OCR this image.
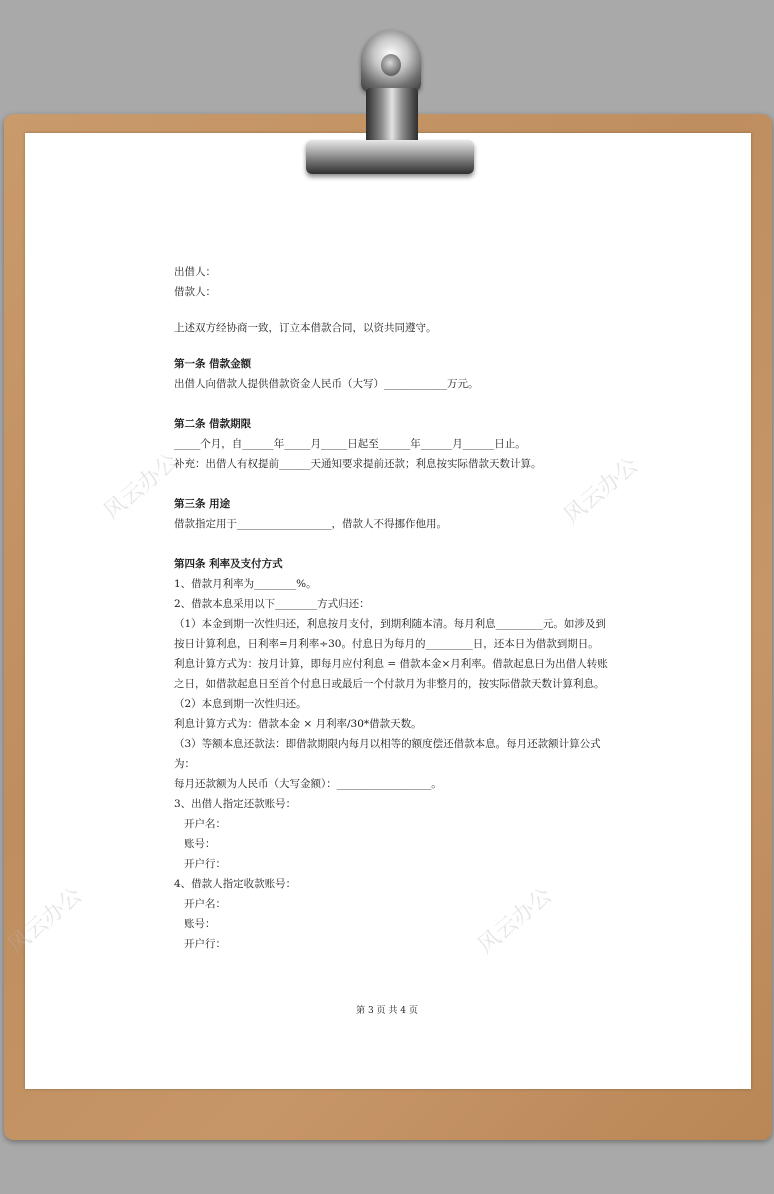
风云办公	风云办公
风云办公	风云办公
出借人：
借款人：
上述双方经协商一致，订立本借款合同，以资共同遵守。
第一条 借款金额
出借人向借款人提供借款资金人民币（大写）____________万元。
第二条 借款期限
_____个月，自______年_____月_____日起至______年______月______日止。
补充：出借人有权提前______天通知要求提前还款；利息按实际借款天数计算。
第三条 用途
借款指定用于__________________，借款人不得挪作他用。
第四条 利率及支付方式
1、借款月利率为________%。
2、借款本息采用以下________方式归还：
（1）本金到期一次性归还，利息按月支付，到期利随本清。每月利息_________元。如涉及到
按日计算利息，日利率=月利率÷30。付息日为每月的_________日，还本日为借款到期日。
利息计算方式为：按月计算，即每月应付利息 = 借款本金×月利率。借款起息日为出借人转账
之日，如借款起息日至首个付息日或最后一个付款月为非整月的，按实际借款天数计算利息。
（2）本息到期一次性归还。
利息计算方式为：借款本金 × 月利率/30*借款天数。
（3）等额本息还款法：即借款期限内每月以相等的额度偿还借款本息。每月还款额计算公式
为：
每月还款额为人民币（大写金额）：__________________。
3、出借人指定还款账号：
开户名：
账号：
开户行：
4、借款人指定收款账号：
开户名：
账号：
开户行：
第 3 页 共 4 页
